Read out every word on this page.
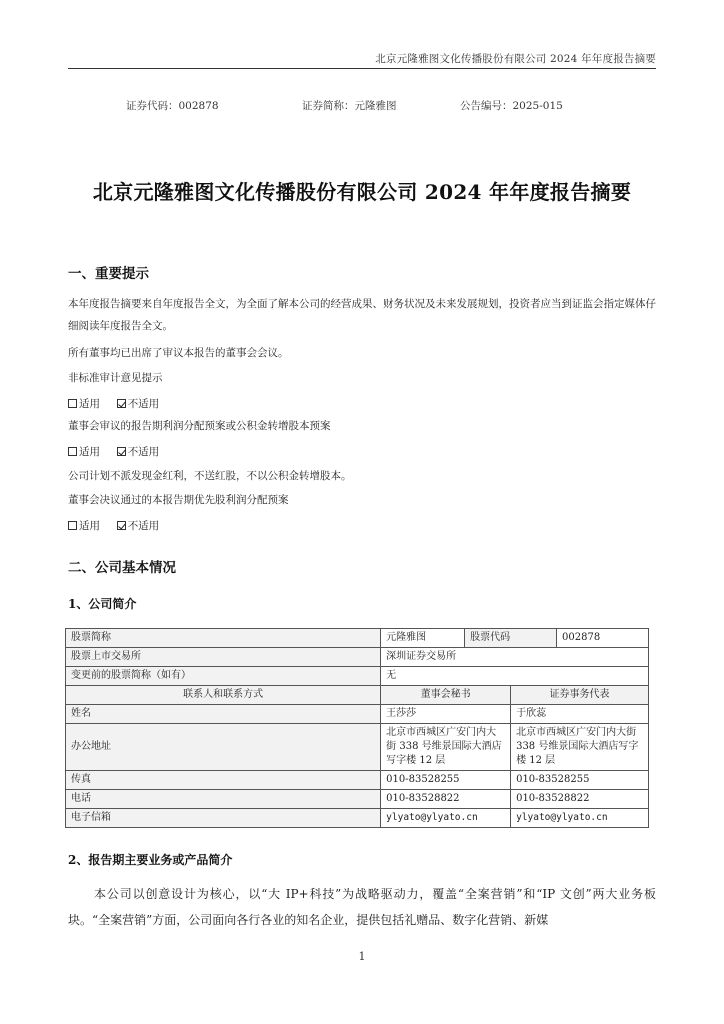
北京元隆雅图文化传播股份有限公司 2024 年年度报告摘要
证券代码：002878	证券简称：元隆雅图	公告编号：2025-015
北京元隆雅图文化传播股份有限公司 2024 年年度报告摘要
一、重要提示
本年度报告摘要来自年度报告全文，为全面了解本公司的经营成果、财务状况及未来发展规划，投资者应当到证监会指定媒体仔细阅读年度报告全文。
所有董事均已出席了审议本报告的董事会会议。
非标准审计意见提示
适用	不适用
董事会审议的报告期利润分配预案或公积金转增股本预案
适用	不适用
公司计划不派发现金红利，不送红股，不以公积金转增股本。
董事会决议通过的本报告期优先股利润分配预案
适用	不适用
二、公司基本情况
1、公司简介
股票简称	元隆雅图	股票代码		002878
股票上市交易所	深圳证券交易所			
变更前的股票简称（如有）	无			
联系人和联系方式	董事会秘书		证券事务代表	
姓名	王莎莎		于欣蕊	
办公地址	北京市西城区广安门内大街 338 号维景国际大酒店写字楼 12 层		北京市西城区广安门内大街 338 号维景国际大酒店写字楼 12 层	
传真	010-83528255		010-83528255	
电话	010-83528822		010-83528822	
电子信箱	ylyato@ylyato.cn		ylyato@ylyato.cn	
2、报告期主要业务或产品简介
本公司以创意设计为核心，以“大 IP+科技”为战略驱动力，覆盖“全案营销”和“IP 文创”两大业务板块。“全案营销”方面，公司面向各行各业的知名企业，提供包括礼赠品、数字化营销、新媒
1
